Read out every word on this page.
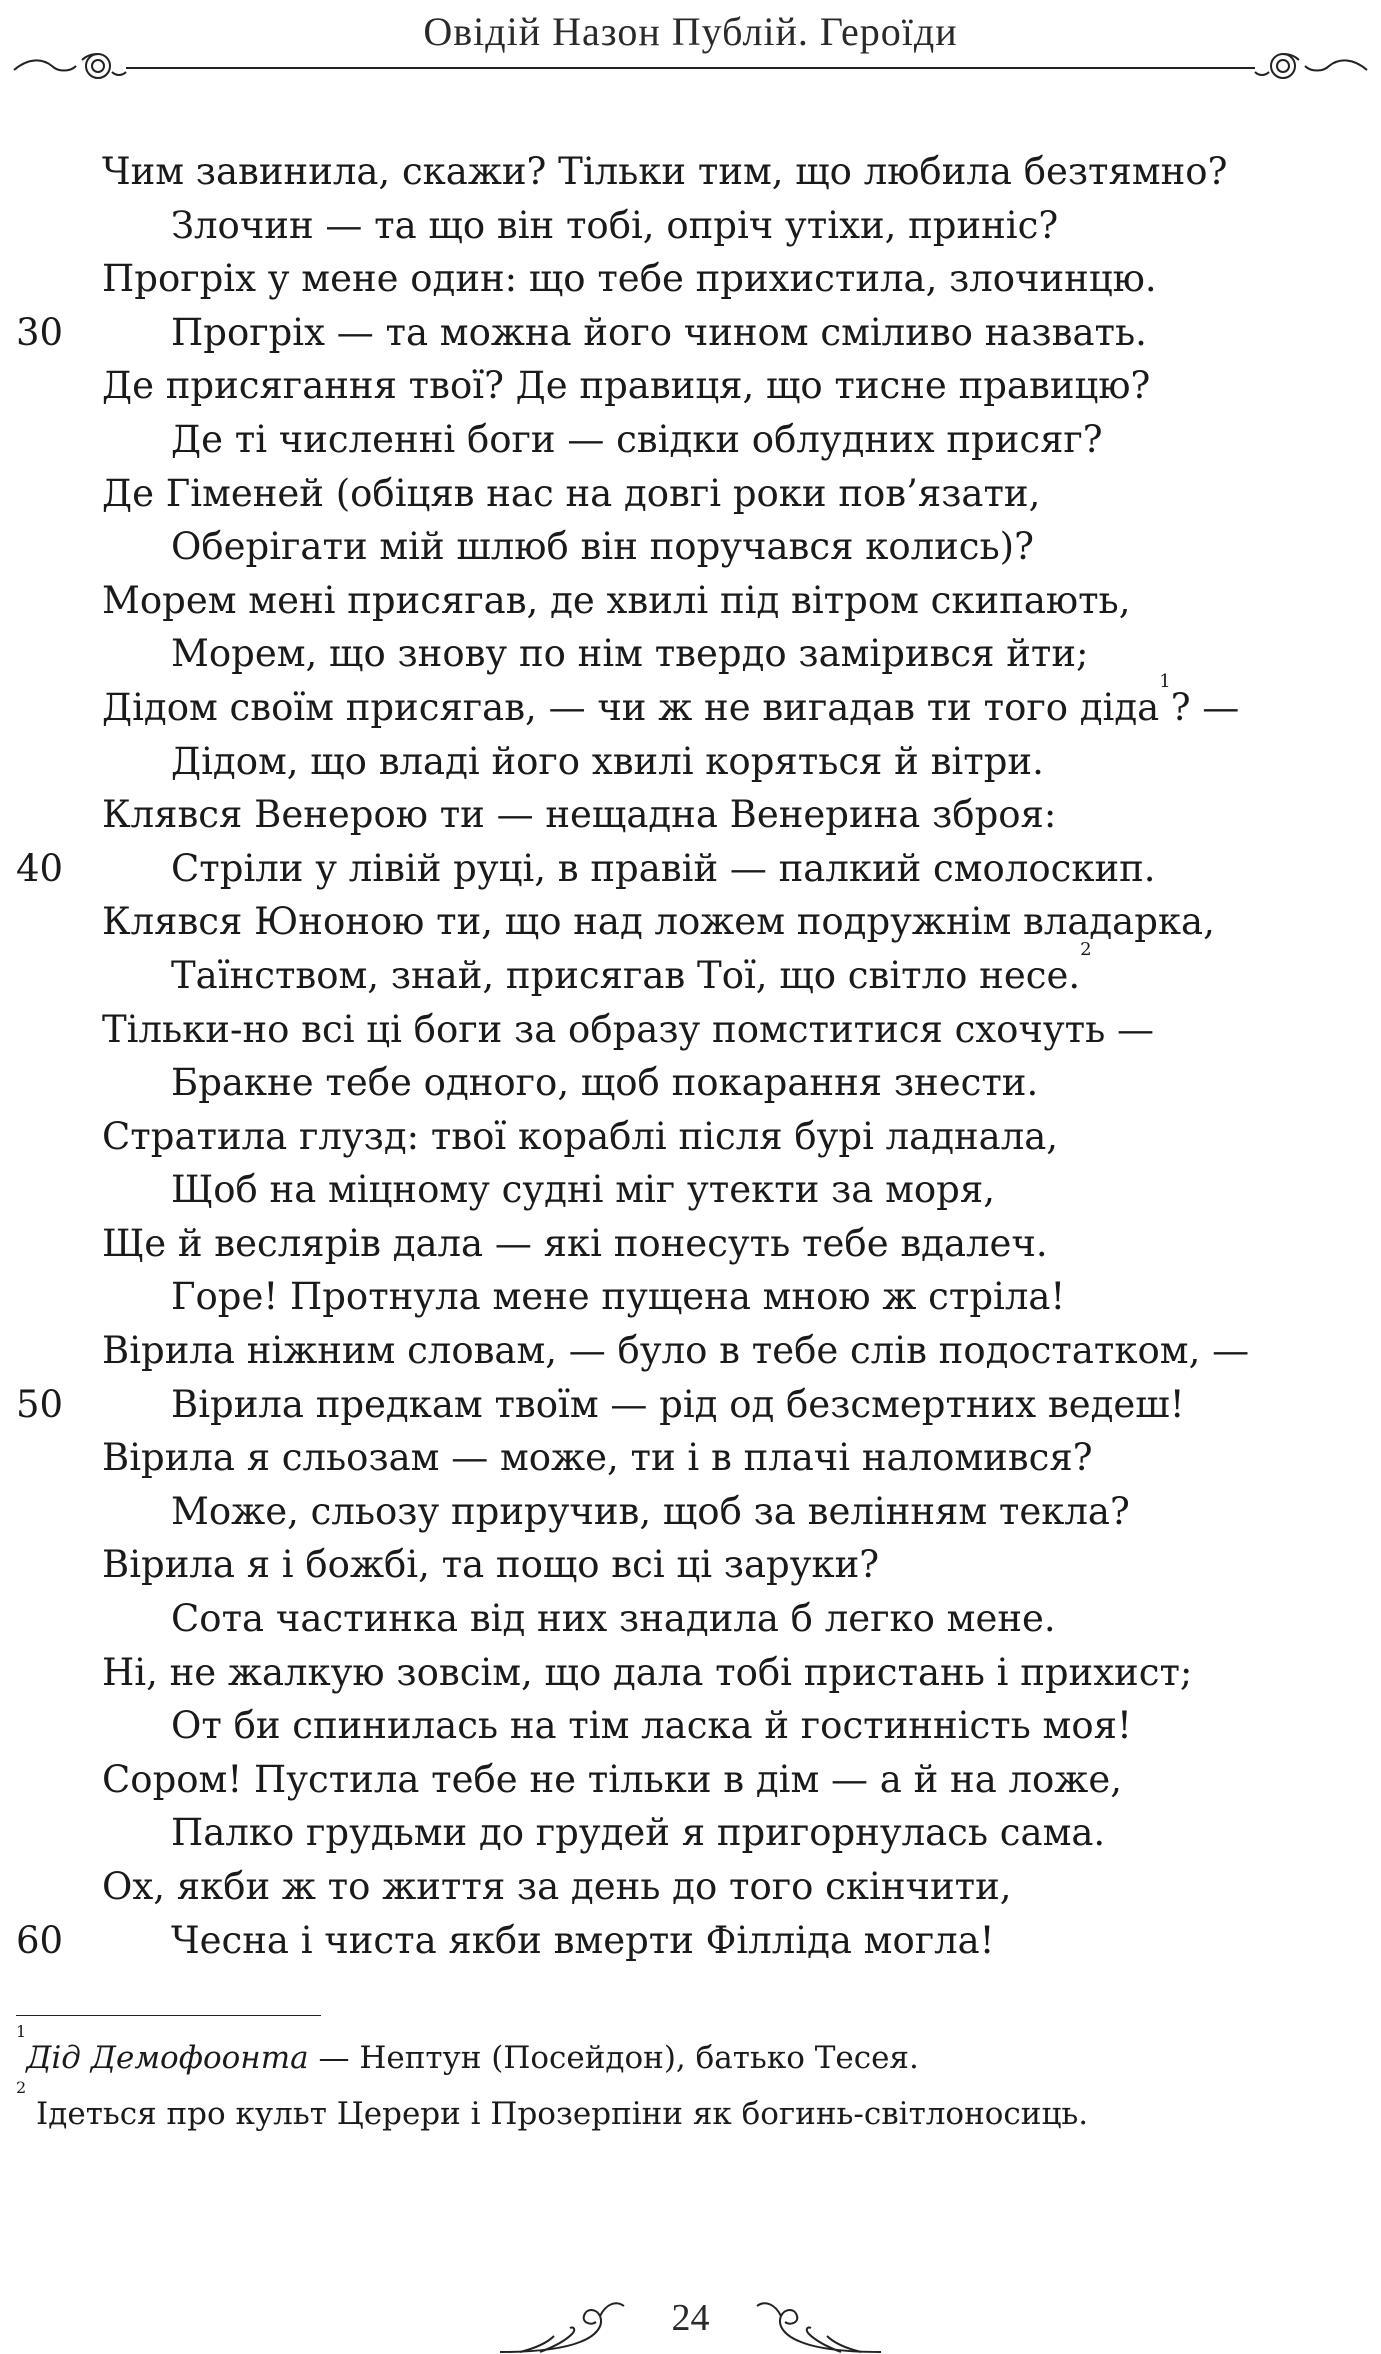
Овідій Назон Публій. Героїди
Чим завинила, скажи? Тільки тим, що любила безтямно?
Злочин — та що він тобі, опріч утіхи, приніс?
Прогріх у мене один: що тебе прихистила, злочинцю.
30	Прогріх — та можна його чином сміливо назвать.
Де присягання твої? Де правиця, що тисне правицю?
Де ті численні боги — свідки облудних присяг?
Де Гіменей (обіцяв нас на довгі роки пов’язати,
Оберігати мій шлюб він поручався колись)?
Морем мені присягав, де хвилі під вітром скипають,
Морем, що знову по нім твердо замірився йти;
Дідом своїм присягав, — чи ж не вигадав ти того діда$^1$? —
Дідом, що владі його хвилі коряться й вітри.
Клявся Венерою ти — нещадна Венерина зброя:
40	Стріли у лівій руці, в правій — палкий смолоскип.
Клявся Юноною ти, що над ложем подружнім владарка,
Таїнством, знай, присягав Тої, що світло несе.$^2$
Тільки-но всі ці боги за образу помститися схочуть —
Бракне тебе одного, щоб покарання знести.
Стратила глузд: твої кораблі після бурі ладнала,
Щоб на міцному судні міг утекти за моря,
Ще й веслярів дала — які понесуть тебе вдалеч.
Горе! Протнула мене пущена мною ж стріла!
Вірила ніжним словам, — було в тебе слів подостатком, —
50	Вірила предкам твоїм — рід од безсмертних ведеш!
Вірила я сльозам — може, ти і в плачі наломився?
Може, сльозу приручив, щоб за велінням текла?
Вірила я і божбі, та пощо всі ці заруки?
Сота частинка від них знадила б легко мене.
Ні, не жалкую зовсім, що дала тобі пристань і прихист;
От би спинилась на тім ласка й гостинність моя!
Сором! Пустила тебе не тільки в дім — а й на ложе,
Палко грудьми до грудей я пригорнулась сама.
Ох, якби ж то життя за день до того скінчити,
60	Чесна і чиста якби вмерти Філліда могла!
$^1$Дід Демофоонта — Нептун (Посейдон), батько Тесея.
$^2$ Ідеться про культ Церери і Прозерпіни як богинь-світлоносиць.
24
